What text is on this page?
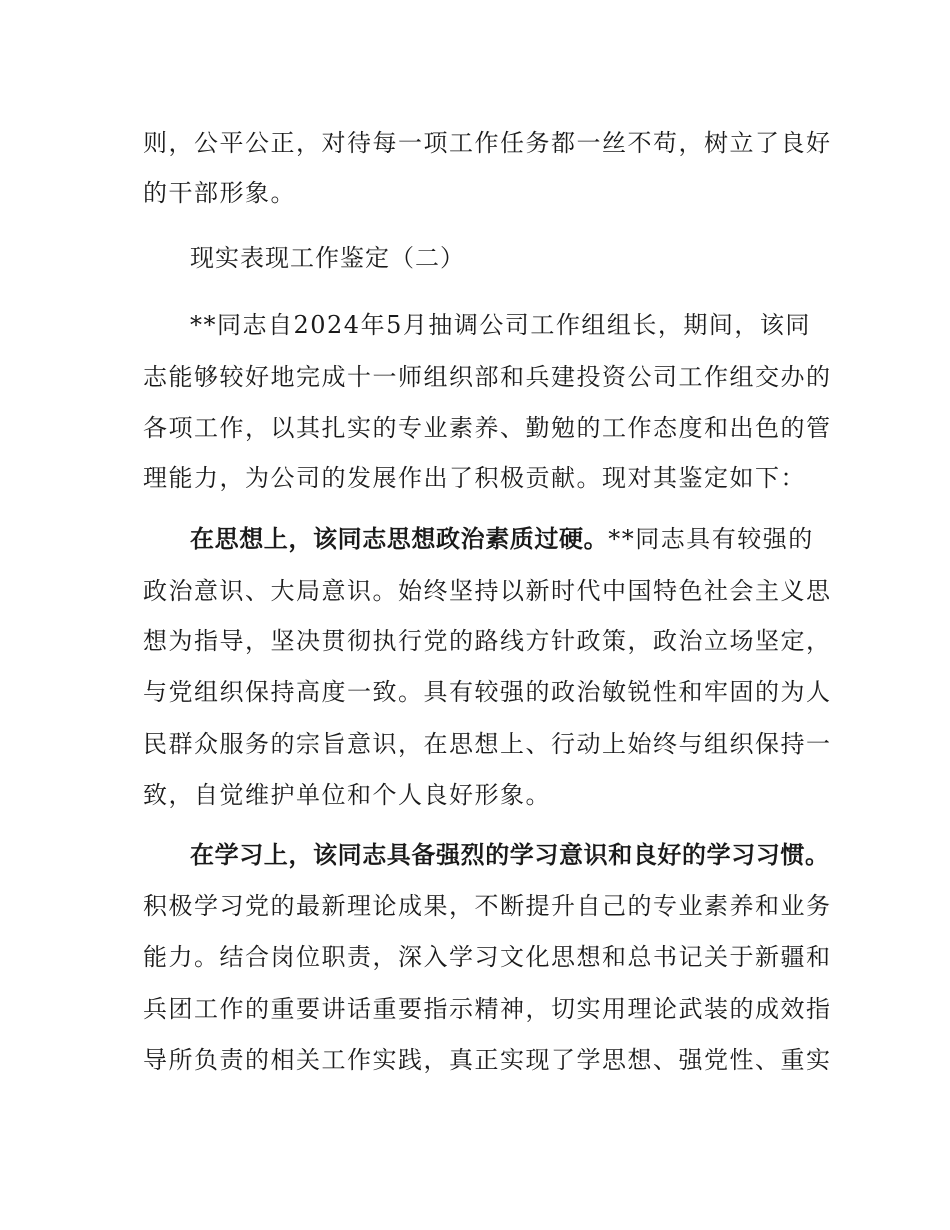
则，公平公正，对待每一项工作任务都一丝不苟，树立了良好
的干部形象。
现实表现工作鉴定（二）
**同志自2024年5月抽调公司工作组组长，期间，该同
志能够较好地完成十一师组织部和兵建投资公司工作组交办的
各项工作，以其扎实的专业素养、勤勉的工作态度和出色的管
理能力，为公司的发展作出了积极贡献。现对其鉴定如下：
在思想上，该同志思想政治素质过硬。**同志具有较强的
政治意识、大局意识。始终坚持以新时代中国特色社会主义思
想为指导，坚决贯彻执行党的路线方针政策，政治立场坚定，
与党组织保持高度一致。具有较强的政治敏锐性和牢固的为人
民群众服务的宗旨意识，在思想上、行动上始终与组织保持一
致，自觉维护单位和个人良好形象。
在学习上，该同志具备强烈的学习意识和良好的学习习惯。
积极学习党的最新理论成果，不断提升自己的专业素养和业务
能力。结合岗位职责，深入学习文化思想和总书记关于新疆和
兵团工作的重要讲话重要指示精神，切实用理论武装的成效指
导所负责的相关工作实践，真正实现了学思想、强党性、重实
